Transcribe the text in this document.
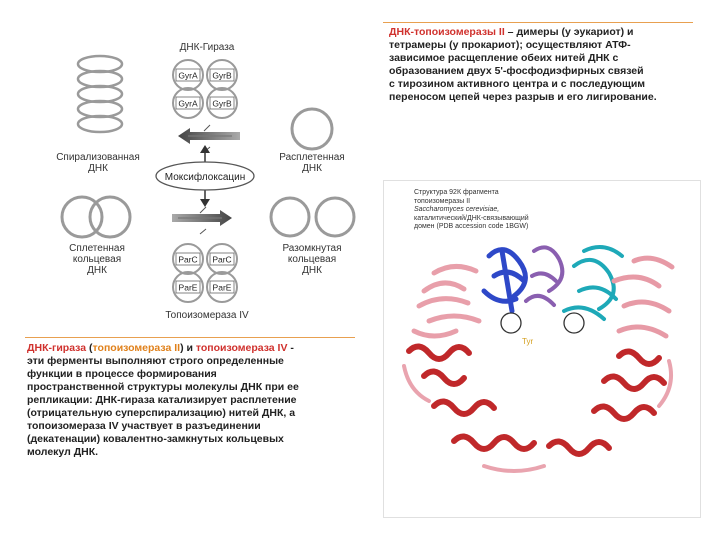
Спирализованная
ДНК
Расплетенная
ДНК
Сплетенная
кольцевая
ДНК
Разомкнутая
кольцевая
ДНК
ДНК-Гираза
GyrA GyrB
GyrA GyrB
Моксифлоксацин
ParC ParC
ParE ParE
Топоизомераза IV
ДНК-топоизомеразы II – димеры (у эукариот) и
тетрамеры (у прокариот); осуществляют АТФ-
зависимое расщепление обеих нитей ДНК с
образованием двух 5'-фосфодиэфирных связей
с тирозином активного центра и с последующим
переносом цепей через разрыв и его лигирование.
ДНК-гираза (топоизомераза II) и топоизомераза IV -
эти ферменты выполняют строго определенные
функции в процессе формирования
пространственной структуры молекулы ДНК при ее
репликации: ДНК-гираза катализирует расплетение
(отрицательную суперспирализацию) нитей ДНК, а
топоизомераза IV участвует в разъединении
(декатенации) ковалентно-замкнутых кольцевых
молекул ДНК.
Структура 92К фрагмента
топоизомеразы II
Saccharomyces cerevisiae,
каталитический/ДНК-связывающий
домен (PDB accession code 1BGW)
Tyr
